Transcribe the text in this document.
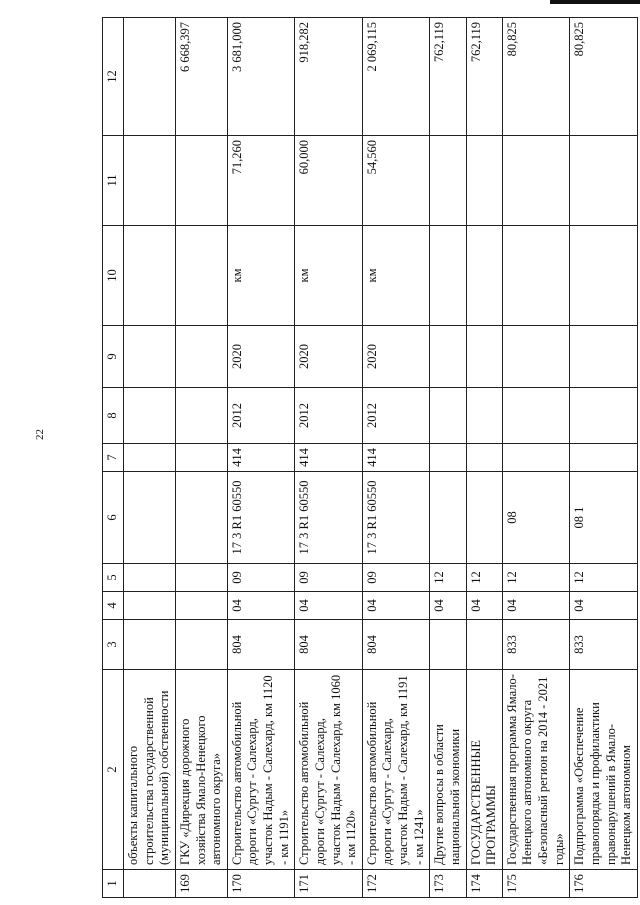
22
1	2	3	4	5	6	7	8	9	10	11	12
	объекты капитального строительства государственной (муниципальной) собственности										
169	ГКУ «Дирекция дорожного хозяйства Ямало-Ненецкого автономного округа»										6 668,397
170	Строительство автомобильной дороги «Сургут - Салехард, участок Надым - Салехард, км 1120 - км 1191»	804	04	09	17 3 R1 60550	414	2012	2020	км	71,260	3 681,000
171	Строительство автомобильной дороги «Сургут - Салехард, участок Надым - Салехард, км 1060 - км 1120»	804	04	09	17 3 R1 60550	414	2012	2020	км	60,000	918,282
172	Строительство автомобильной дороги «Сургут - Салехард, участок Надым - Салехард, км 1191 - км 1241»	804	04	09	17 3 R1 60550	414	2012	2020	км	54,560	2 069,115
173	Другие вопросы в области национальной экономики		04	12							762,119
174	ГОСУДАРСТВЕННЫЕ ПРОГРАММЫ		04	12							762,119
175	Государственная программа Ямало-Ненецкого автономного округа «Безопасный регион на 2014 - 2021 годы»	833	04	12	08						80,825
176	Подпрограмма «Обеспечение правопорядка и профилактики правонарушений в Ямало-Ненецком автономном	833	04	12	08 1						80,825
